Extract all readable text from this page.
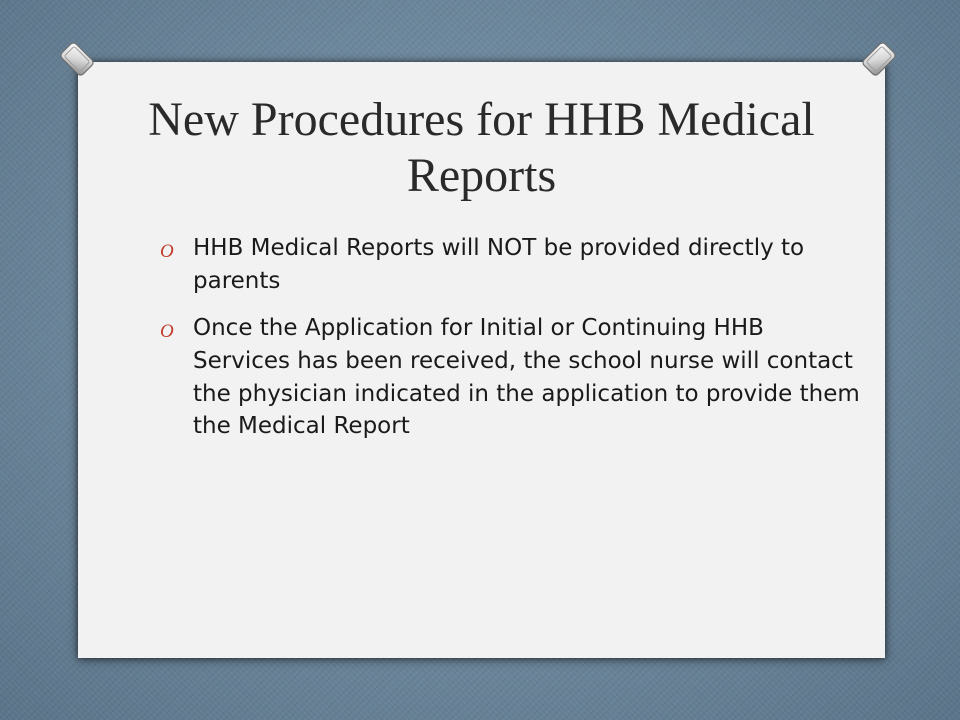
New Procedures for HHB Medical Reports
O HHB Medical Reports will NOT be provided directly to parents
O Once the Application for Initial or Continuing HHB Services has been received, the school nurse will contact the physician indicated in the application to provide them the Medical Report
